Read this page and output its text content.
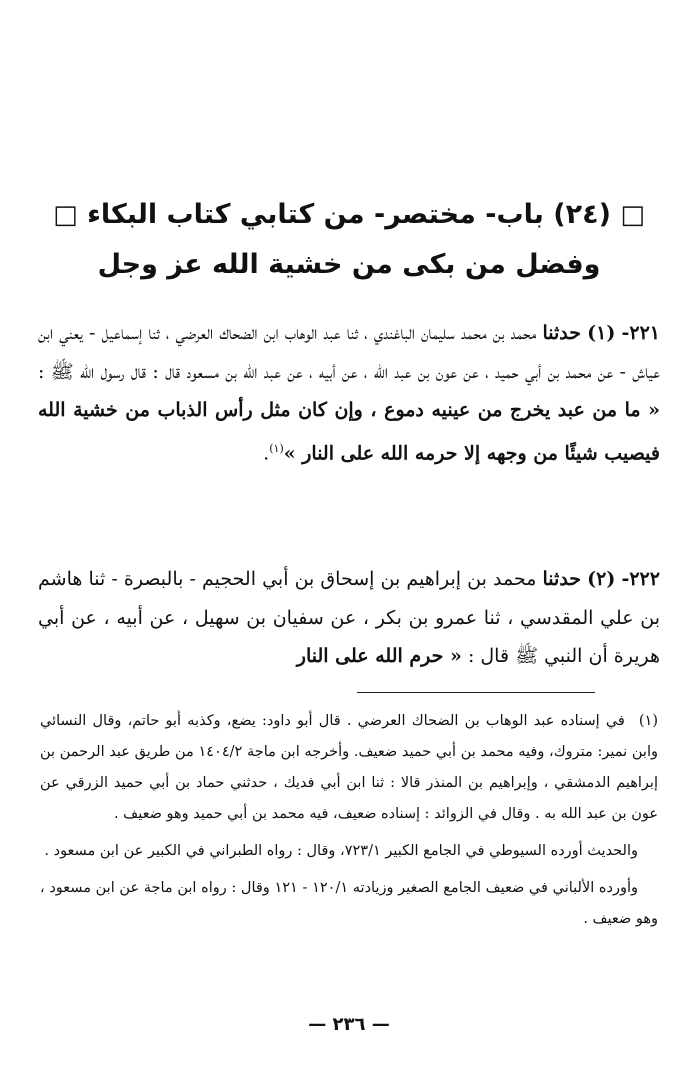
□ (٢٤) باب- مختصر- من كتابي كتاب البكاء □
وفضل من بكى من خشية الله عز وجل

٢٢١- (١) حدثنا محمد بن محمد سليمان الباغندي ، ثنا عبد الوهاب ابن الضحاك العرضي ، ثنا إسماعيل - يعني ابن عياش - عن محمد بن أبي حميد ، عن عون بن عبد الله ، عن أبيه ، عن عبد الله بن مسعود قال : قال رسول الله ﷺ : « ما من عبد يخرج من عينيه دموع ، وإن كان مثل رأس الذباب من خشية الله فيصيب شيئًا من وجهه إلا حرمه الله على النار »$^{(١)}$.

٢٢٢- (٢) حدثنا محمد بن إبراهيم بن إسحاق بن أبي الحجيم - بالبصرة - ثنا هاشم بن علي المقدسي ، ثنا عمرو بن بكر ، عن سفيان بن سهيل ، عن أبيه ، عن أبي هريرة أن النبي ﷺ قال : « حرم الله على النار

(١)في إسناده عبد الوهاب بن الضحاك العرضي . قال أبو داود: يضع، وكذبه أبو حاتم، وقال النسائي وابن نمير: متروك، وفيه محمد بن أبي حميد ضعيف. وأخرجه ابن ماجة ١٤٠٤/٢ من طريق عبد الرحمن بن إبراهيم الدمشقي ، وإبراهيم بن المنذر قالا : ثنا ابن أبي فديك ، حدثني حماد بن أبي حميد الزرقي عن عون بن عبد الله به . وقال في الزوائد : إسناده ضعيف، فيه محمد بن أبي حميد وهو ضعيف .

والحديث أورده السيوطي في الجامع الكبير ٧٢٣/١، وقال : رواه الطبراني في الكبير عن ابن مسعود .

وأورده الألباني في ضعيف الجامع الصغير وزيادته ١٢٠/١ - ١٢١ وقال : رواه ابن ماجة عن ابن مسعود ، وهو ضعيف .

— ٢٣٦ —
